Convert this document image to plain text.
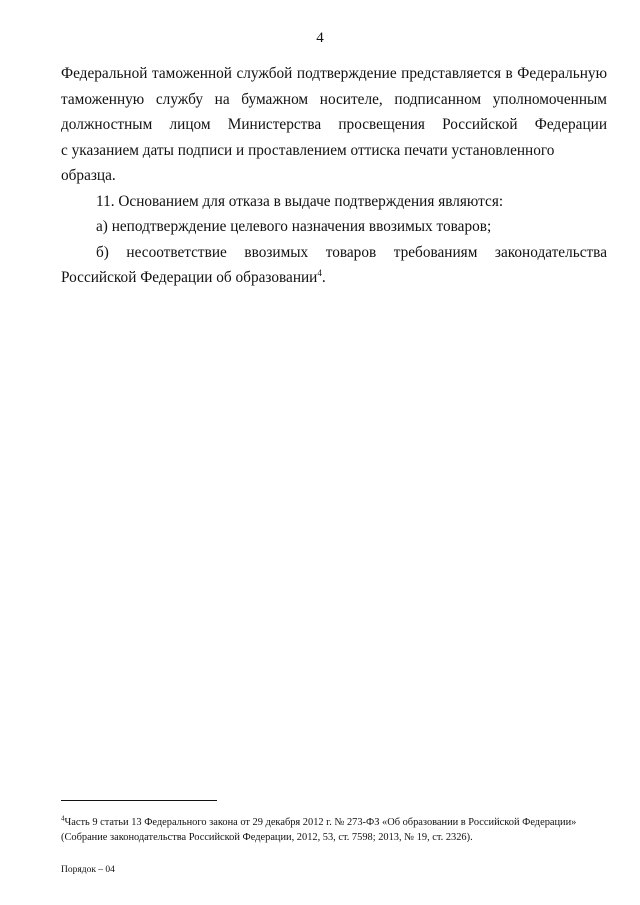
4
Федеральной таможенной службой подтверждение представляется в Федеральную
таможенную службу на бумажном носителе, подписанном уполномоченным
должностным лицом Министерства просвещения Российской Федерации
с указанием даты подписи и проставлением оттиска печати установленного образца.
11. Основанием для отказа в выдаче подтверждения являются:
а) неподтверждение целевого назначения ввозимых товаров;
б) несоответствие ввозимых товаров требованиям законодательства
Российской Федерации об образовании$^4$.
$^4$Часть 9 статьи 13 Федерального закона от 29 декабря 2012 г. № 273-ФЗ «Об образовании в Российской Федерации»
(Собрание законодательства Российской Федерации, 2012, 53, ст. 7598; 2013, № 19, ст. 2326).
Порядок – 04
